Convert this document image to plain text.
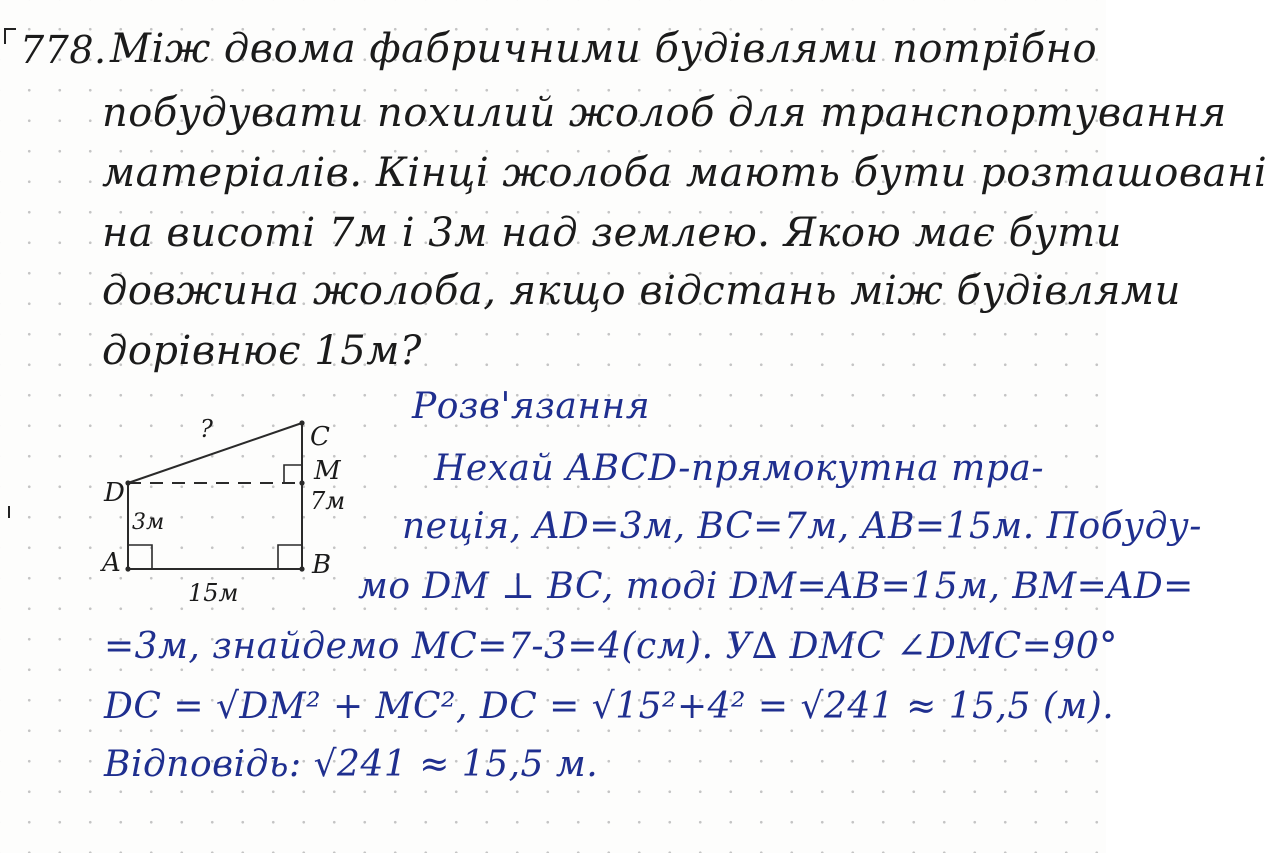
778. Між двома фабричними будівлями потрібно
побудувати похилий жолоб для транспортування
матеріалів. Кінці жолоба мають бути розташовані
на висоті 7м і 3м над землею. Якою має бути
довжина жолоба, якщо відстань між будівлями
дорівнює 15м?
?	C
M
D
A	B
3м
7м
15м
Розв'язання
Нехай ABCD-прямокутна тра-
пеція, AD=3м, BC=7м, AB=15м. Побуду-
мо DM ⊥ BC, тоді DM=AB=15м, BM=AD=
=3м, знайдемо MC=7-3=4(см). У∆ DMC ∠DMC=90°
DC = √DM² + MC², DC = √15²+4² = √241 ≈ 15,5 (м).
Відповідь: √241 ≈ 15,5 м.
